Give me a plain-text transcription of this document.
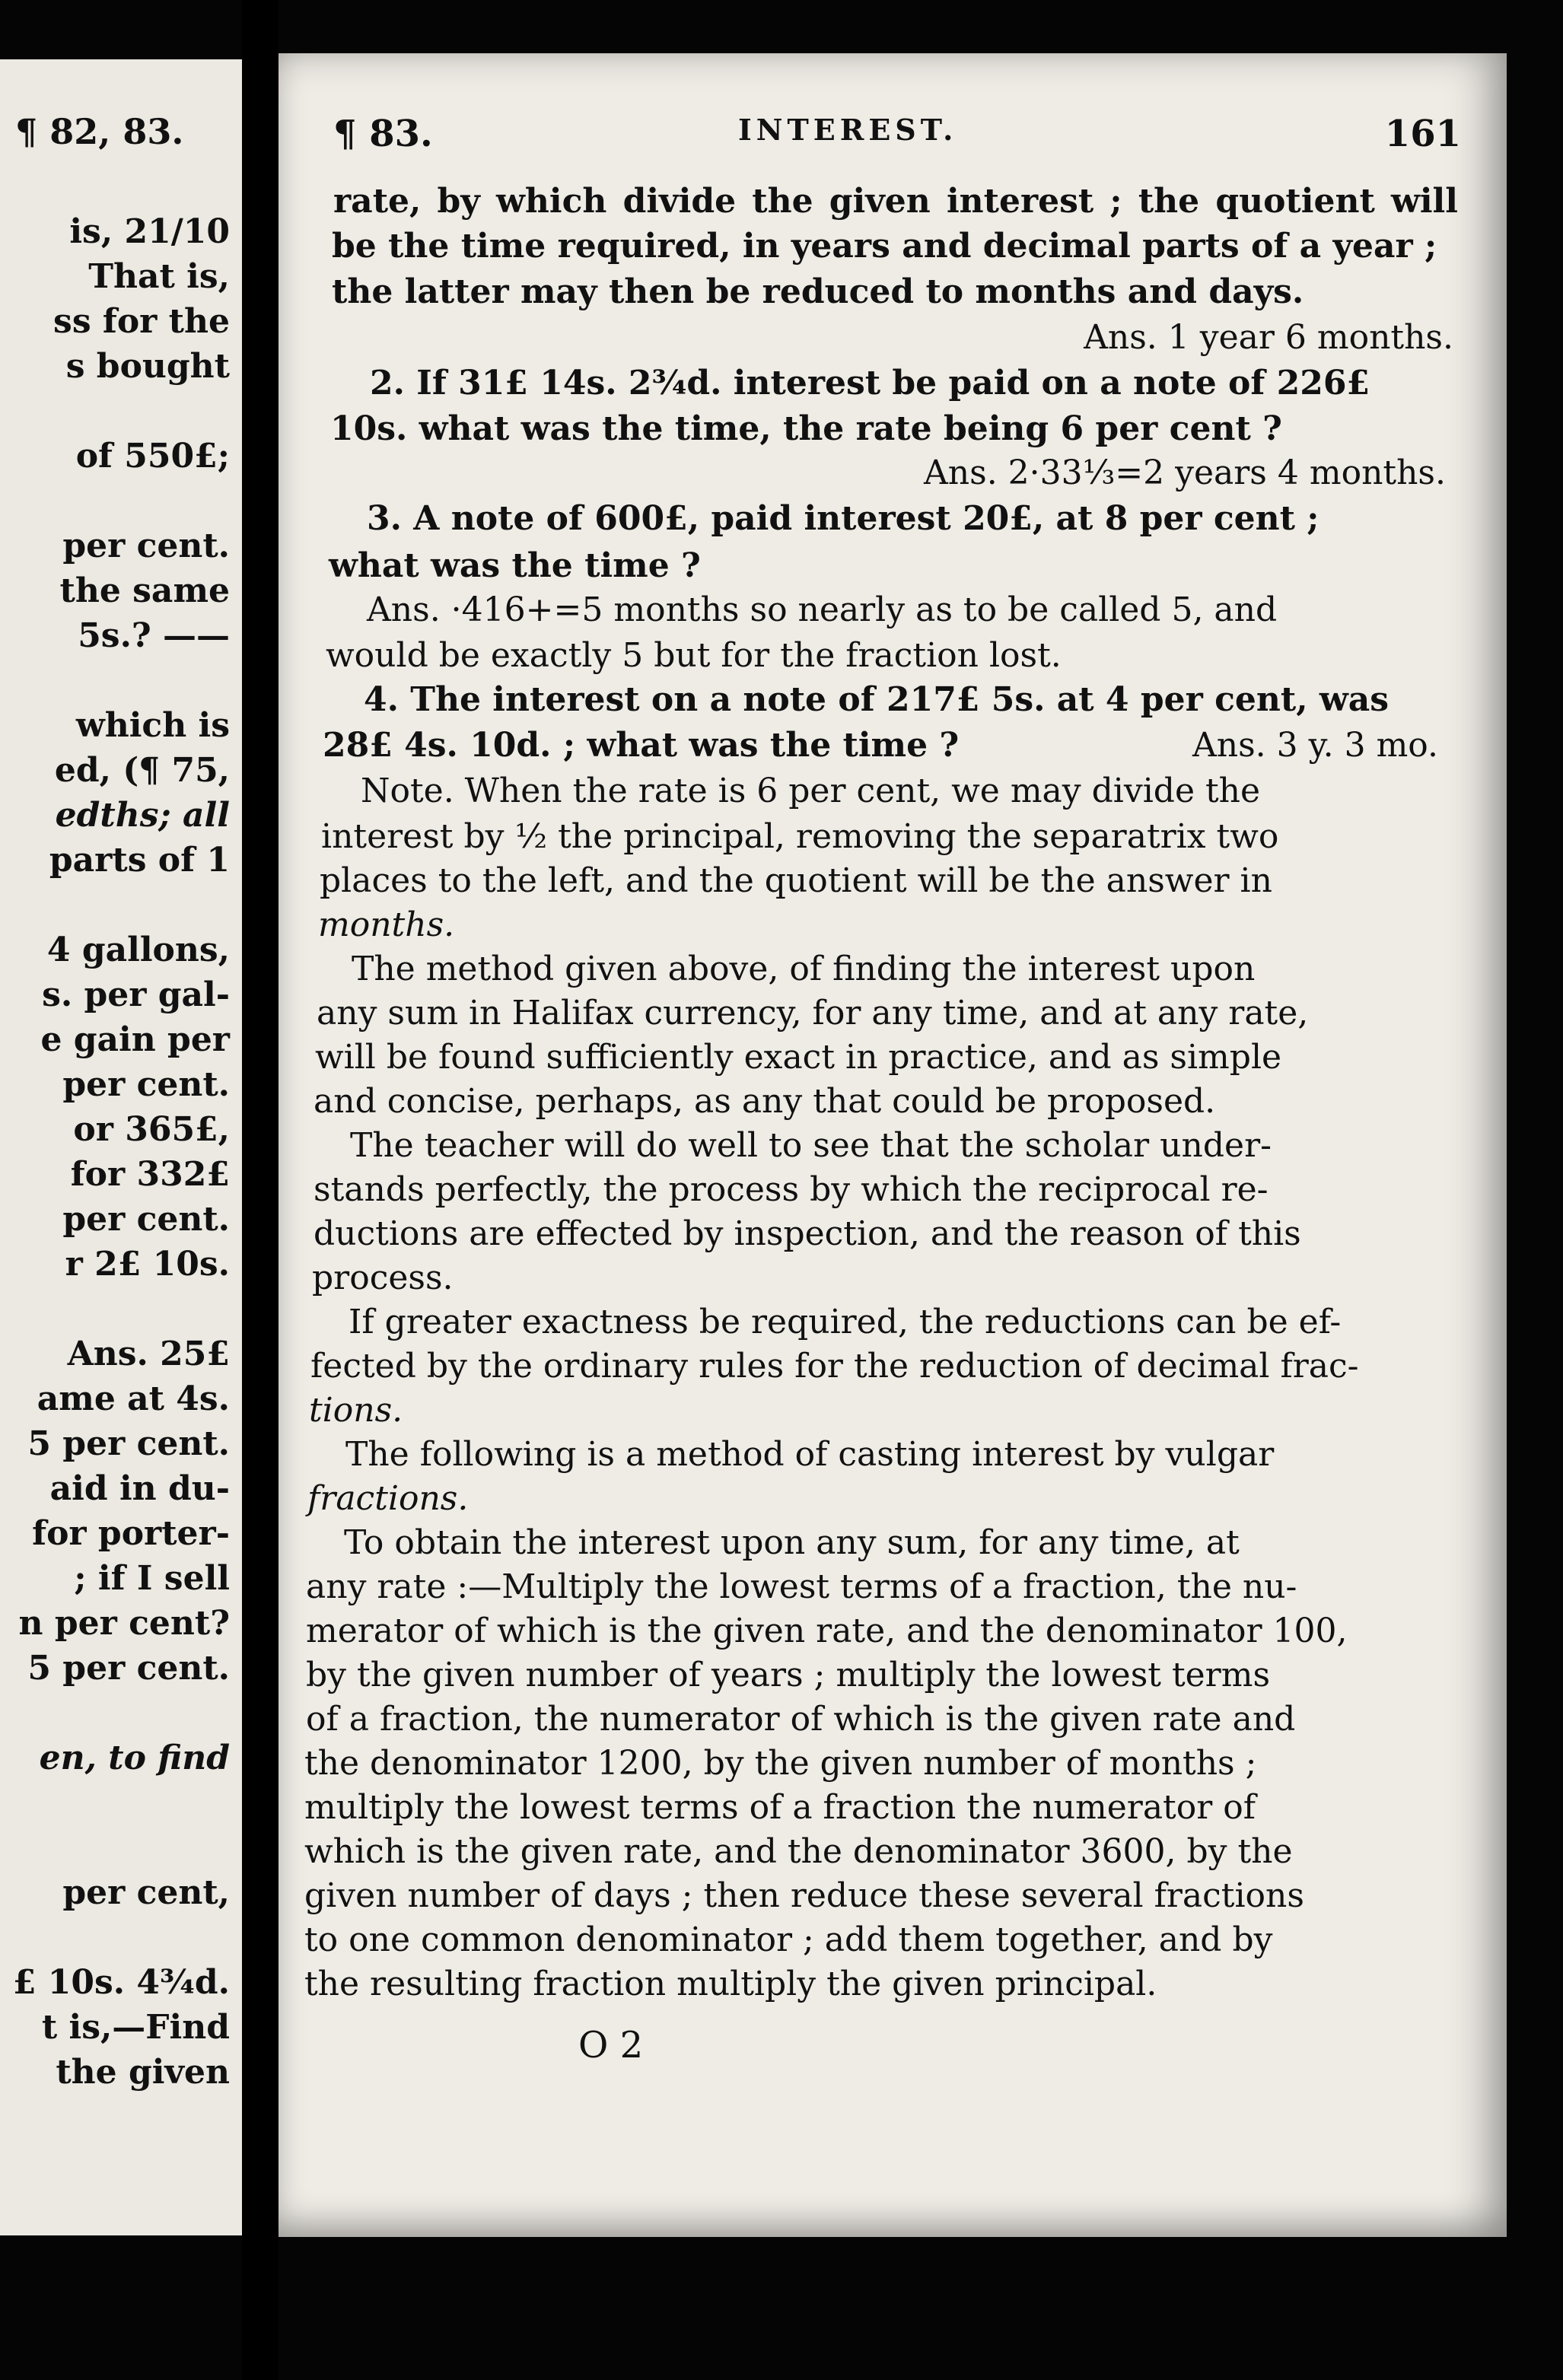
¶ 82, 83.
is, 21/10
That is,
ss for the
s bought
of 550£;
per cent.
the same
5s.? ——
which is
ed, (¶ 75,
edths; all
parts of 1
4 gallons,
s. per gal-
e gain per
per cent.
or 365£,
for 332£
per cent.
r 2£ 10s.
Ans. 25£
ame at 4s.
5 per cent.
aid in du-
for porter-
; if I sell
n per cent?
5 per cent.
en, to find
per cent,
£ 10s. 4¾d.
t is,—Find
the given
¶ 83.	INTEREST.	161
rate, by which divide the given interest ; the quotient will
be the time required, in years and decimal parts of a year ;
the latter may then be reduced to months and days.
Ans. 1 year 6 months.
2. If 31£ 14s. 2¾d. interest be paid on a note of 226£
10s. what was the time, the rate being 6 per cent ?
Ans. 2·33⅓=2 years 4 months.
3. A note of 600£, paid interest 20£, at 8 per cent ;
what was the time ?
Ans. ·416+=5 months so nearly as to be called 5, and
would be exactly 5 but for the fraction lost.
4. The interest on a note of 217£ 5s. at 4 per cent, was
28£ 4s. 10d. ; what was the time ?	Ans. 3 y. 3 mo.
Note. When the rate is 6 per cent, we may divide the
interest by ½ the principal, removing the separatrix two
places to the left, and the quotient will be the answer in
months.
The method given above, of finding the interest upon
any sum in Halifax currency, for any time, and at any rate,
will be found sufficiently exact in practice, and as simple
and concise, perhaps, as any that could be proposed.
The teacher will do well to see that the scholar under-
stands perfectly, the process by which the reciprocal re-
ductions are effected by inspection, and the reason of this
process.
If greater exactness be required, the reductions can be ef-
fected by the ordinary rules for the reduction of decimal frac-
tions.
The following is a method of casting interest by vulgar
fractions.
To obtain the interest upon any sum, for any time, at
any rate :—Multiply the lowest terms of a fraction, the nu-
merator of which is the given rate, and the denominator 100,
by the given number of years ; multiply the lowest terms
of a fraction, the numerator of which is the given rate and
the denominator 1200, by the given number of months ;
multiply the lowest terms of a fraction the numerator of
which is the given rate, and the denominator 3600, by the
given number of days ; then reduce these several fractions
to one common denominator ; add them together, and by
the resulting fraction multiply the given principal.
O 2
